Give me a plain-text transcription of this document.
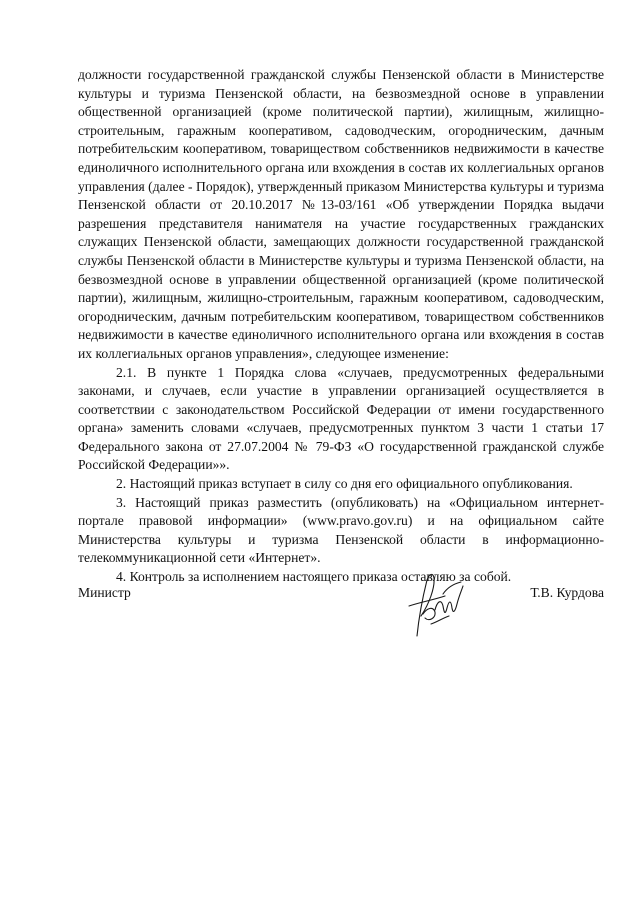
должности государственной гражданской службы Пензенской области в Министерстве культуры и туризма Пензенской области, на безвозмездной основе в управлении общественной организацией (кроме политической партии), жилищным, жилищно-строительным, гаражным кооперативом, садоводческим, огородническим, дачным потребительским кооперативом, товариществом собственников недвижимости в качестве единоличного исполнительного органа или вхождения в состав их коллегиальных органов управления (далее - Порядок), утвержденный приказом Министерства культуры и туризма Пензенской области от 20.10.2017 №13-03/161 «Об утверждении Порядка выдачи разрешения представителя нанимателя на участие государственных гражданских служащих Пензенской области, замещающих должности государственной гражданской службы Пензенской области в Министерстве культуры и туризма Пензенской области, на безвозмездной основе в управлении общественной организацией (кроме политической партии), жилищным, жилищно-строительным, гаражным кооперативом, садоводческим, огородническим, дачным потребительским кооперативом, товариществом собственников недвижимости в качестве единоличного исполнительного органа или вхождения в состав их коллегиальных органов управления», следующее изменение:

2.1. В пункте 1 Порядка слова «случаев, предусмотренных федеральными законами, и случаев, если участие в управлении организацией осуществляется в соответствии с законодательством Российской Федерации от имени государственного органа» заменить словами «случаев, предусмотренных пунктом 3 части 1 статьи 17 Федерального закона от 27.07.2004 № 79-ФЗ «О государственной гражданской службе Российской Федерации»».

2. Настоящий приказ вступает в силу со дня его официального опубликования.

3. Настоящий приказ разместить (опубликовать) на «Официальном интернет-портале правовой информации» (www.pravo.gov.ru) и на официальном сайте Министерства культуры и туризма Пензенской области в информационно-телекоммуникационной сети «Интернет».

4. Контроль за исполнением настоящего приказа оставляю за собой.

Министр	Т.В. Курдова
